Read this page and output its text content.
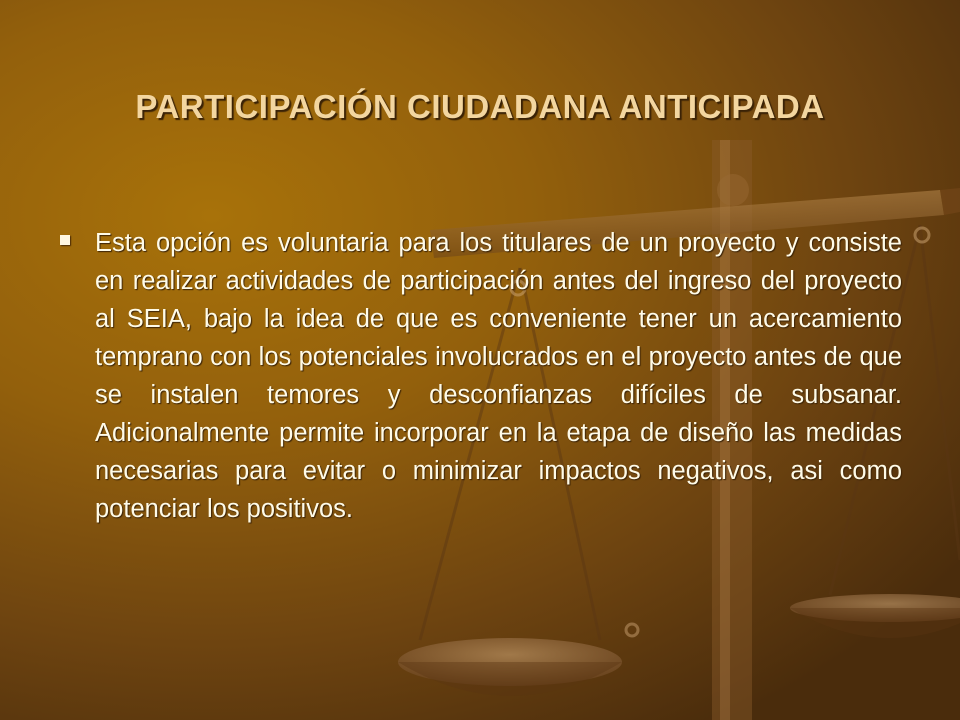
PARTICIPACIÓN CIUDADANA ANTICIPADA
Esta opción es voluntaria para los titulares de un proyecto y consiste en realizar actividades de participación antes del ingreso del proyecto al SEIA, bajo la idea de que es conveniente tener un acercamiento temprano con los potenciales involucrados en el proyecto antes de que se instalen temores y desconfianzas difíciles de subsanar. Adicionalmente permite incorporar en la etapa de diseño las medidas necesarias para evitar o minimizar impactos negativos, asi como potenciar los positivos.
